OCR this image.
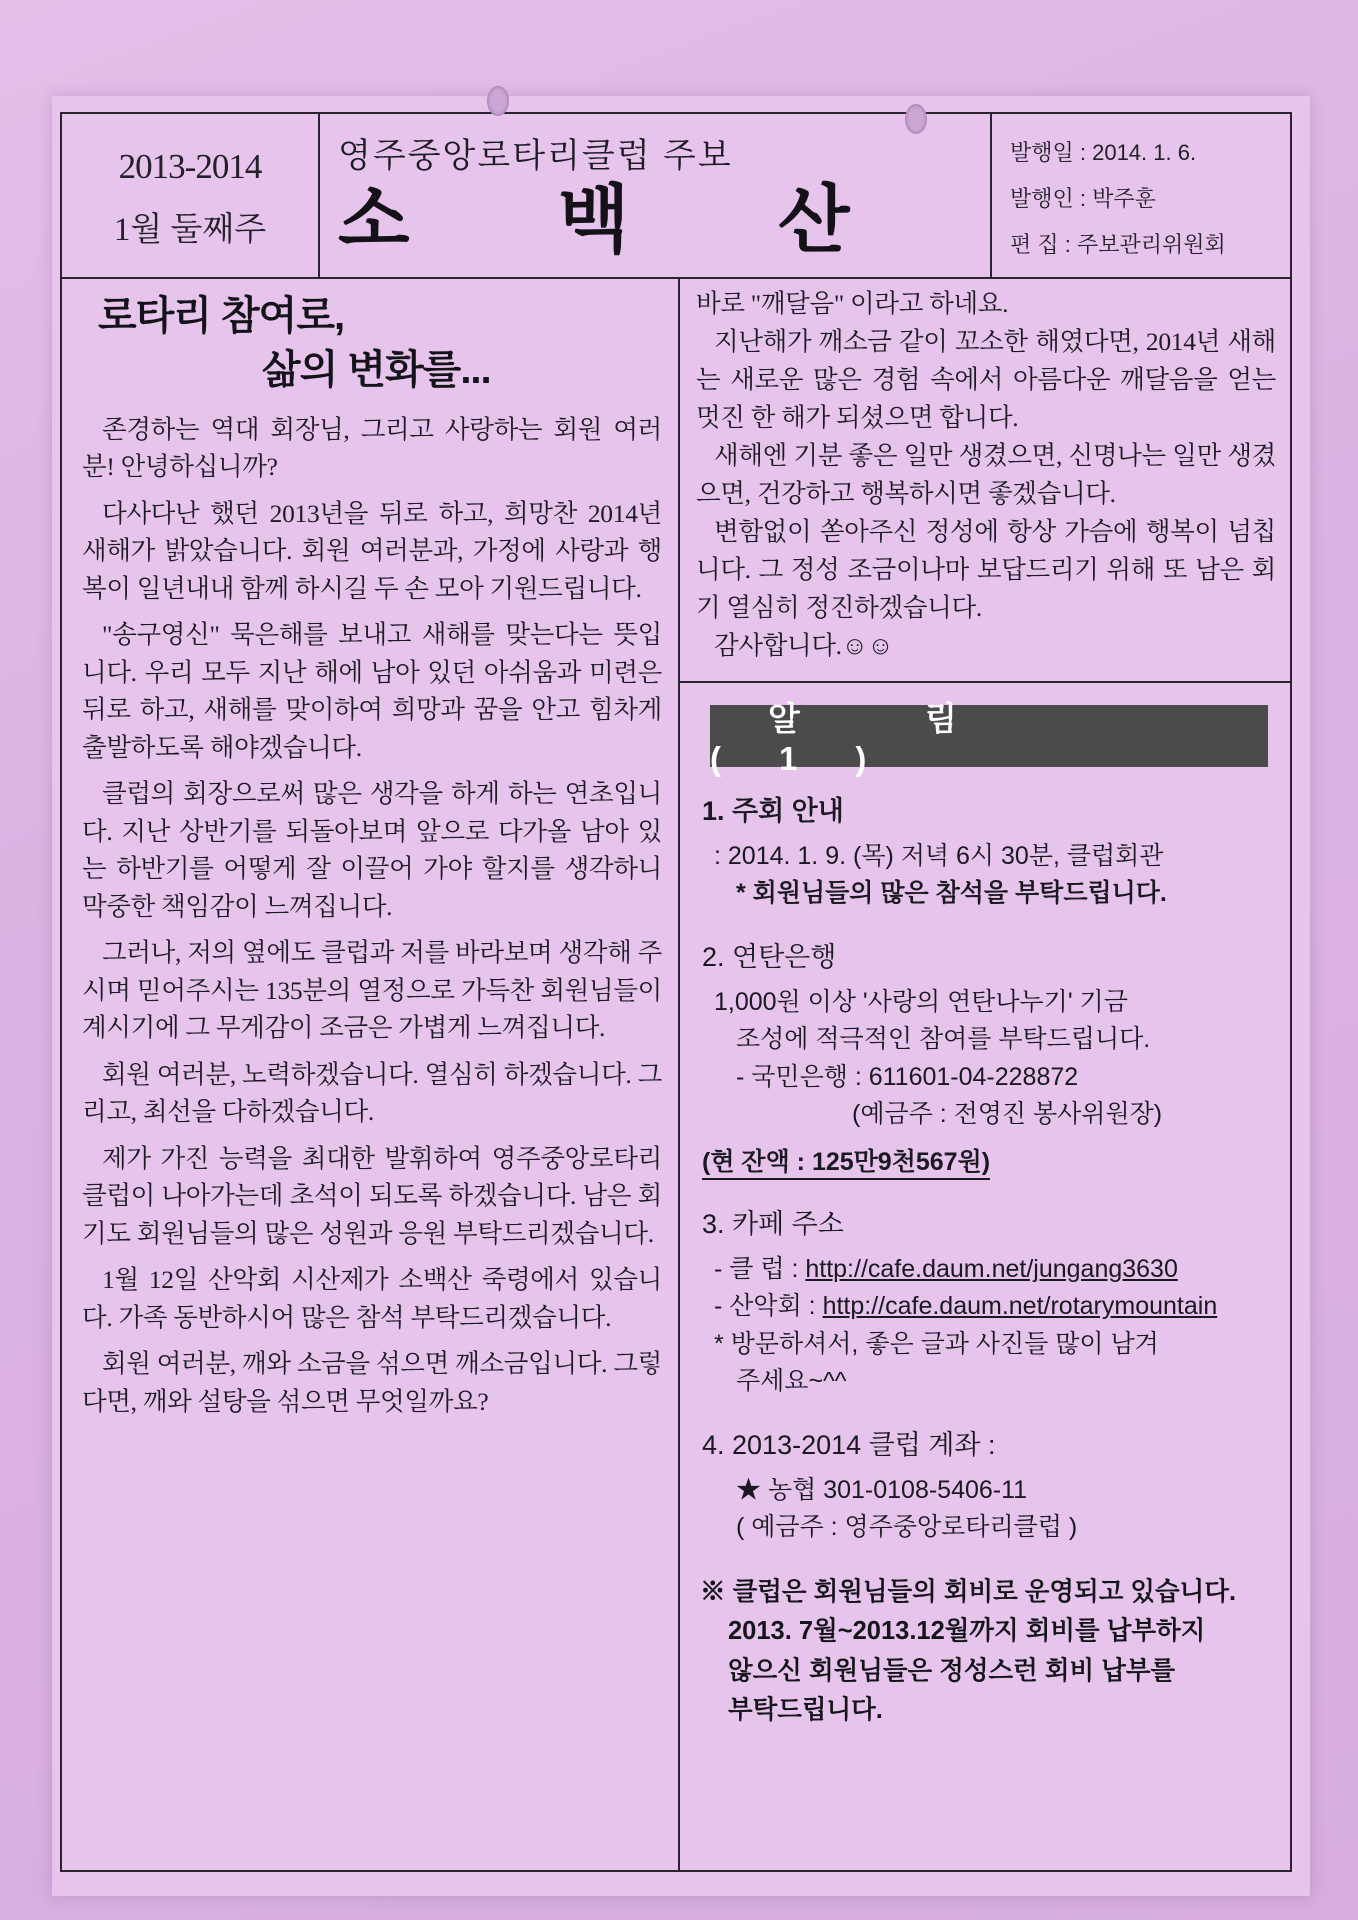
2013-2014
1월 둘째주
영주중앙로타리클럽 주보
소 백 산
발행일 : 2014. 1. 6.
발행인 : 박주훈
편 집 : 주보관리위원회
로타리 참여로,
삶의 변화를...

존경하는 역대 회장님, 그리고 사랑하는 회원 여러분! 안녕하십니까?

다사다난 했던 2013년을 뒤로 하고, 희망찬 2014년 새해가 밝았습니다. 회원 여러분과, 가정에 사랑과 행복이 일년내내 함께 하시길 두 손 모아 기원드립니다.

"송구영신" 묵은해를 보내고 새해를 맞는다는 뜻입니다. 우리 모두 지난 해에 남아 있던 아쉬움과 미련은 뒤로 하고, 새해를 맞이하여 희망과 꿈을 안고 힘차게 출발하도록 해야겠습니다.

클럽의 회장으로써 많은 생각을 하게 하는 연초입니다. 지난 상반기를 되돌아보며 앞으로 다가올 남아 있는 하반기를 어떻게 잘 이끌어 가야 할지를 생각하니 막중한 책임감이 느껴집니다.

그러나, 저의 옆에도 클럽과 저를 바라보며 생각해 주시며 믿어주시는 135분의 열정으로 가득찬 회원님들이 계시기에 그 무게감이 조금은 가볍게 느껴집니다.

회원 여러분, 노력하겠습니다. 열심히 하겠습니다. 그리고, 최선을 다하겠습니다.

제가 가진 능력을 최대한 발휘하여 영주중앙로타리클럽이 나아가는데 초석이 되도록 하겠습니다. 남은 회기도 회원님들의 많은 성원과 응원 부탁드리겠습니다.

1월 12일 산악회 시산제가 소백산 죽령에서 있습니다. 가족 동반하시어 많은 참석 부탁드리겠습니다.

회원 여러분, 깨와 소금을 섞으면 깨소금입니다. 그렇다면, 깨와 설탕을 섞으면 무엇일까요?

바로 "깨달음" 이라고 하네요.

지난해가 깨소금 같이 꼬소한 해였다면, 2014년 새해는 새로운 많은 경험 속에서 아름다운 깨달음을 얻는 멋진 한 해가 되셨으면 합니다.

새해엔 기분 좋은 일만 생겼으면, 신명나는 일만 생겼으면, 건강하고 행복하시면 좋겠습니다.

변함없이 쏟아주신 정성에 항상 가슴에 행복이 넘칩니다. 그 정성 조금이나마 보답드리기 위해 또 남은 회기 열심히 정진하겠습니다.

감사합니다.☺☺

알 림 (1)
1. 주회 안내
: 2014. 1. 9. (목) 저녁 6시 30분, 클럽회관
* 회원님들의 많은 참석을 부탁드립니다.
2. 연탄은행
1,000원 이상 '사랑의 연탄나누기' 기금
조성에 적극적인 참여를 부탁드립니다.
- 국민은행 : 611601-04-228872
(예금주 : 전영진 봉사위원장)
(현 잔액 : 125만9천567원)
3. 카페 주소
- 클 럽 : http://cafe.daum.net/jungang3630
- 산악회 : http://cafe.daum.net/rotarymountain
* 방문하셔서, 좋은 글과 사진들 많이 남겨
주세요~^^
4. 2013-2014 클럽 계좌 :
★ 농협 301-0108-5406-11
( 예금주 : 영주중앙로타리클럽 )
※ 클럽은 회원님들의 회비로 운영되고 있습니다.
2013. 7월~2013.12월까지 회비를 납부하지
않으신 회원님들은 정성스런 회비 납부를
부탁드립니다.
